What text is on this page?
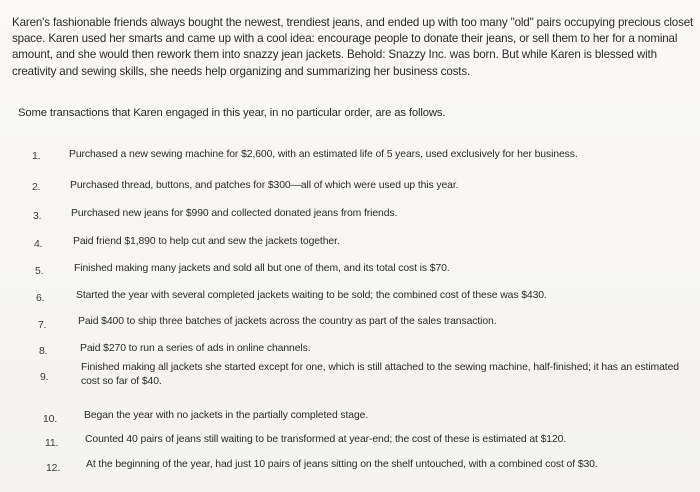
Karen's fashionable friends always bought the newest, trendiest jeans, and ended up with too many "old" pairs occupying precious closet space. Karen used her smarts and came up with a cool idea: encourage people to donate their jeans, or sell them to her for a nominal amount, and she would then rework them into snazzy jean jackets. Behold: Snazzy Inc. was born. But while Karen is blessed with creativity and sewing skills, she needs help organizing and summarizing her business costs.

Some transactions that Karen engaged in this year, in no particular order, are as follows.

1.	Purchased a new sewing machine for $2,600, with an estimated life of 5 years, used exclusively for her business.
2.	Purchased thread, buttons, and patches for $300—all of which were used up this year.
3.	Purchased new jeans for $990 and collected donated jeans from friends.
4.	Paid friend $1,890 to help cut and sew the jackets together.
5.	Finished making many jackets and sold all but one of them, and its total cost is $70.
6.	Started the year with several completed jackets waiting to be sold; the combined cost of these was $430.
7.	Paid $400 to ship three batches of jackets across the country as part of the sales transaction.
8.	Paid $270 to run a series of ads in online channels.
9.
Finished making all jackets she started except for one, which is still attached to the sewing machine, half-finished; it has an estimated cost so far of $40.
10.	Began the year with no jackets in the partially completed stage.
11.	Counted 40 pairs of jeans still waiting to be transformed at year-end; the cost of these is estimated at $120.
12. At the beginning of the year, had just 10 pairs of jeans sitting on the shelf untouched, with a combined cost of $30.
